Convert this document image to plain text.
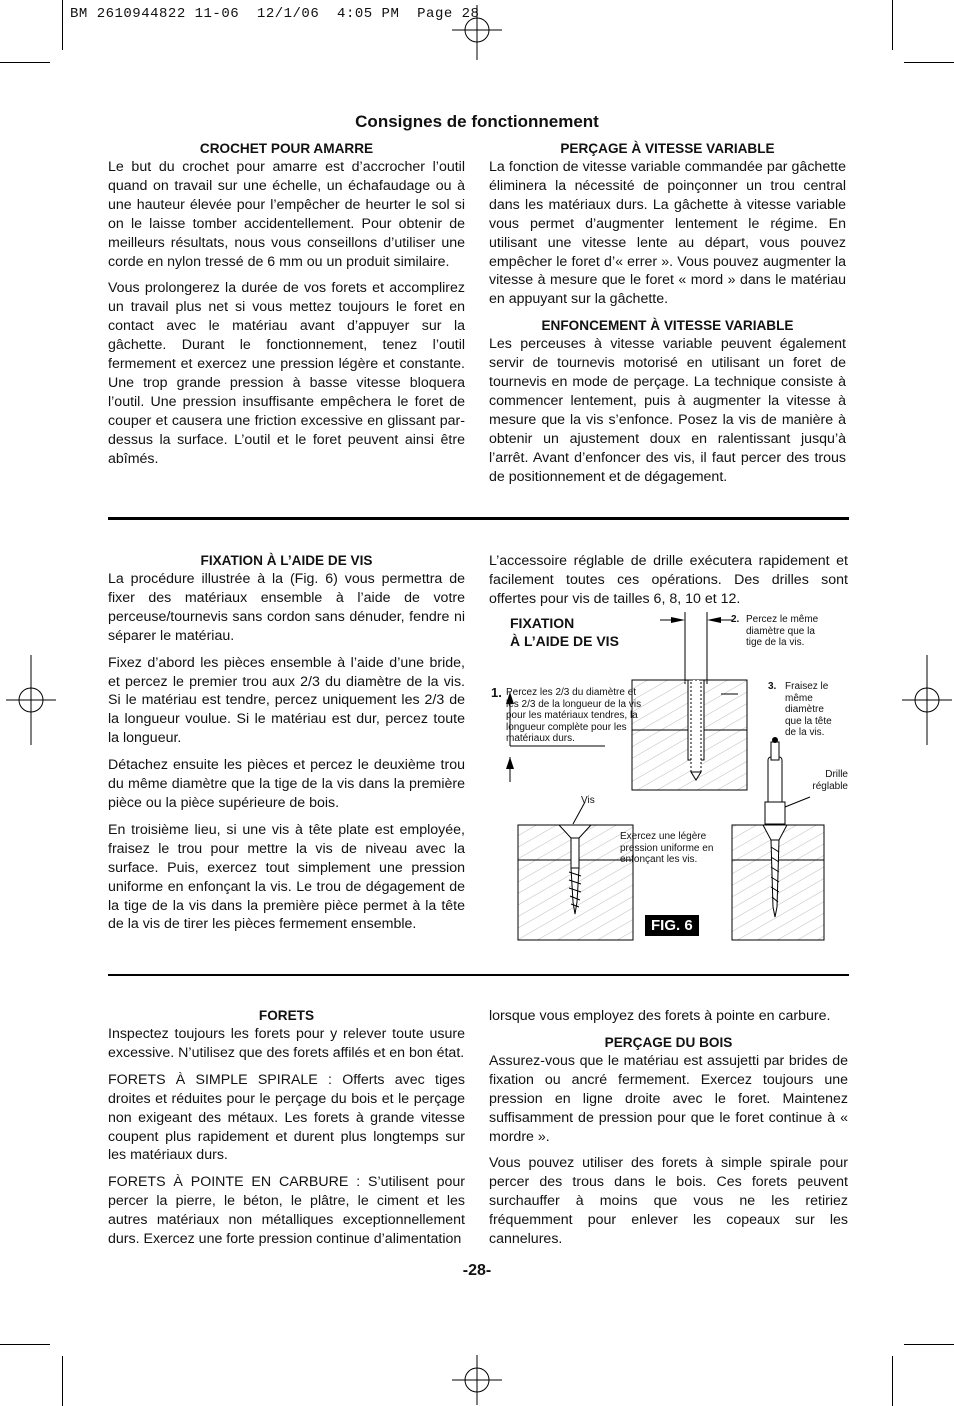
BM 2610944822 11-06  12/1/06  4:05 PM  Page 28
Consignes de fonctionnement
CROCHET POUR AMARRE

Le but du crochet pour amarre est d’accrocher l’outil quand on travail sur une échelle, un échafaudage ou à une hauteur élevée pour l’empêcher de heurter le sol si on le laisse tomber accidentellement. Pour obtenir de meilleurs résultats, nous vous conseillons d’utiliser une corde en nylon tressé de 6 mm ou un produit similaire.

Vous prolongerez la durée de vos forets et accomplirez un travail plus net si vous mettez toujours le foret en contact avec le matériau avant d’appuyer sur la gâchette. Durant le fonctionnement, tenez l’outil fermement et exercez une pression légère et constante. Une trop grande pression à basse vitesse bloquera l’outil. Une pression insuffisante empêchera le foret de couper et causera une friction excessive en glissant par-dessus la surface. L’outil et le foret peuvent ainsi être abîmés.

PERÇAGE À VITESSE VARIABLE

La fonction de vitesse variable commandée par gâchette éliminera la nécessité de poinçonner un trou central dans les matériaux durs. La gâchette à vitesse variable vous permet d’augmenter lentement le régime. En utilisant une vitesse lente au départ, vous pouvez empêcher le foret d’« errer ». Vous pouvez augmenter la vitesse à mesure que le foret « mord » dans le matériau en appuyant sur la gâchette.

ENFONCEMENT À VITESSE VARIABLE

Les perceuses à vitesse variable peuvent également servir de tournevis motorisé en utilisant un foret de tournevis en mode de perçage. La technique consiste à commencer lentement, puis à augmenter la vitesse à mesure que la vis s’enfonce. Posez la vis de manière à obtenir un ajustement doux en ralentissant jusqu’à l’arrêt. Avant d’enfoncer des vis, il faut percer des trous de positionnement et de dégagement.

FIXATION À L’AIDE DE VIS

La procédure illustrée à la (Fig. 6) vous permettra de fixer des matériaux ensemble à l’aide de votre perceuse/tournevis sans cordon sans dénuder, fendre ni séparer le matériau.

Fixez d’abord les pièces ensemble à l’aide d’une bride, et percez le premier trou aux 2/3 du diamètre de la vis. Si le matériau est tendre, percez uniquement les 2/3 de la longueur voulue. Si le matériau est dur, percez toute la longueur.

Détachez ensuite les pièces et percez le deuxième trou du même diamètre que la tige de la vis dans la première pièce ou la pièce supérieure de bois.

En troisième lieu, si une vis à tête plate est employée, fraisez le trou pour mettre la vis de niveau avec la surface. Puis, exercez tout simplement une pression uniforme en enfonçant la vis. Le trou de dégagement de la tige de la vis dans la première pièce permet à la tête de la vis de tirer les pièces fermement ensemble.

L’accessoire réglable de drille exécutera rapidement et facilement toutes ces opérations. Des drilles sont offertes pour vis de tailles 6, 8, 10 et 12.

FIXATION
À L’AIDE DE VIS
2. Percez le même diamètre que la tige de la vis.
1. Percez les 2/3 du diamètre et les 2/3 de la longueur de la vis pour les matériaux tendres, la longueur complète pour les matériaux durs.
3. Fraisez le même diamètre que la tête de la vis.
Drille réglable
Vis
Exercez une légère pression uniforme en enfonçant les vis.
FIG. 6
FORETS

Inspectez toujours les forets pour y relever toute usure excessive. N’utilisez que des forets affilés et en bon état.

FORETS À SIMPLE SPIRALE : Offerts avec tiges droites et réduites pour le perçage du bois et le perçage non exigeant des métaux. Les forets à grande vitesse coupent plus rapidement et durent plus longtemps sur les matériaux durs.

FORETS À POINTE EN CARBURE : S’utilisent pour percer la pierre, le béton, le plâtre, le ciment et les autres matériaux non métalliques exceptionnellement durs. Exercez une forte pression continue d’alimentation

lorsque vous employez des forets à pointe en carbure.

PERÇAGE DU BOIS

Assurez-vous que le matériau est assujetti par brides de fixation ou ancré fermement. Exercez toujours une pression en ligne droite avec le foret. Maintenez suffisamment de pression pour que le foret continue à « mordre ».

Vous pouvez utiliser des forets à simple spirale pour percer des trous dans le bois. Ces forets peuvent surchauffer à moins que vous ne les retiriez fréquemment pour enlever les copeaux sur les cannelures.

-28-
